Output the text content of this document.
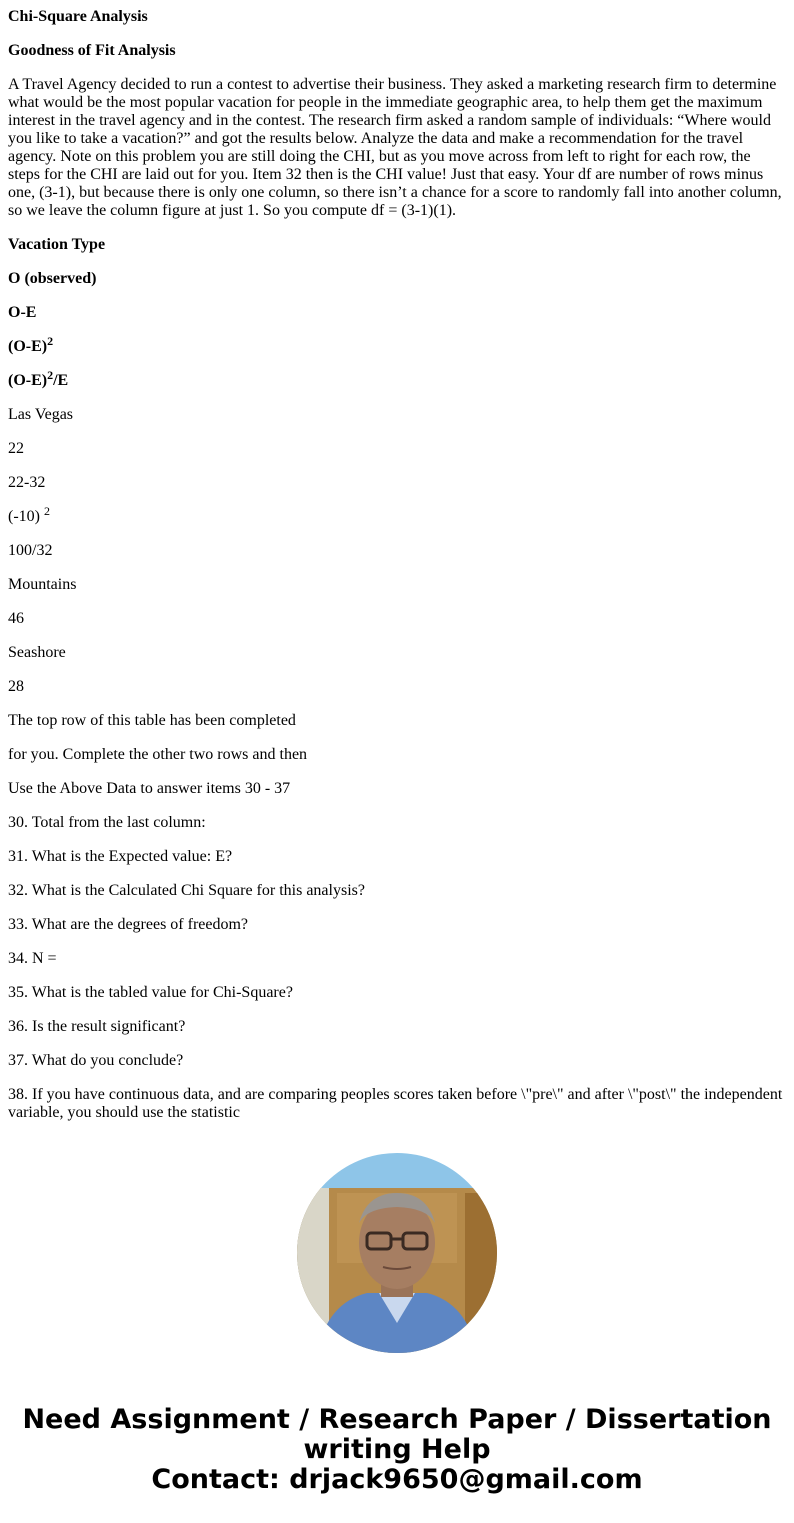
Chi-Square Analysis

Goodness of Fit Analysis

A Travel Agency decided to run a contest to advertise their business. They asked a marketing research firm to determine what would be the most popular vacation for people in the immediate geographic area, to help them get the maximum interest in the travel agency and in the contest. The research firm asked a random sample of individuals: “Where would you like to take a vacation?” and got the results below. Analyze the data and make a recommendation for the travel agency. Note on this problem you are still doing the CHI, but as you move across from left to right for each row, the steps for the CHI are laid out for you. Item 32 then is the CHI value! Just that easy. Your df are number of rows minus one, (3-1), but because there is only one column, so there isn’t a chance for a score to randomly fall into another column, so we leave the column figure at just 1. So you compute df = (3-1)(1).

Vacation Type

O (observed)

O-E

$(O-E)^2$

$(O-E)^2/E$

Las Vegas

22

22-32

(-10) $^2$

100/32

Mountains

46

Seashore

28

The top row of this table has been completed

for you. Complete the other two rows and then

Use the Above Data to answer items 30 - 37

30. Total from the last column:

31. What is the Expected value: E?

32. What is the Calculated Chi Square for this analysis?

33. What are the degrees of freedom?

34. N =

35. What is the tabled value for Chi-Square?

36. Is the result significant?

37. What do you conclude?

38. If you have continuous data, and are comparing peoples scores taken before \"pre\" and after \"post\" the independent variable, you should use the statistic

Need Assignment / Research Paper / Dissertation
writing Help
Contact: drjack9650@gmail.com
